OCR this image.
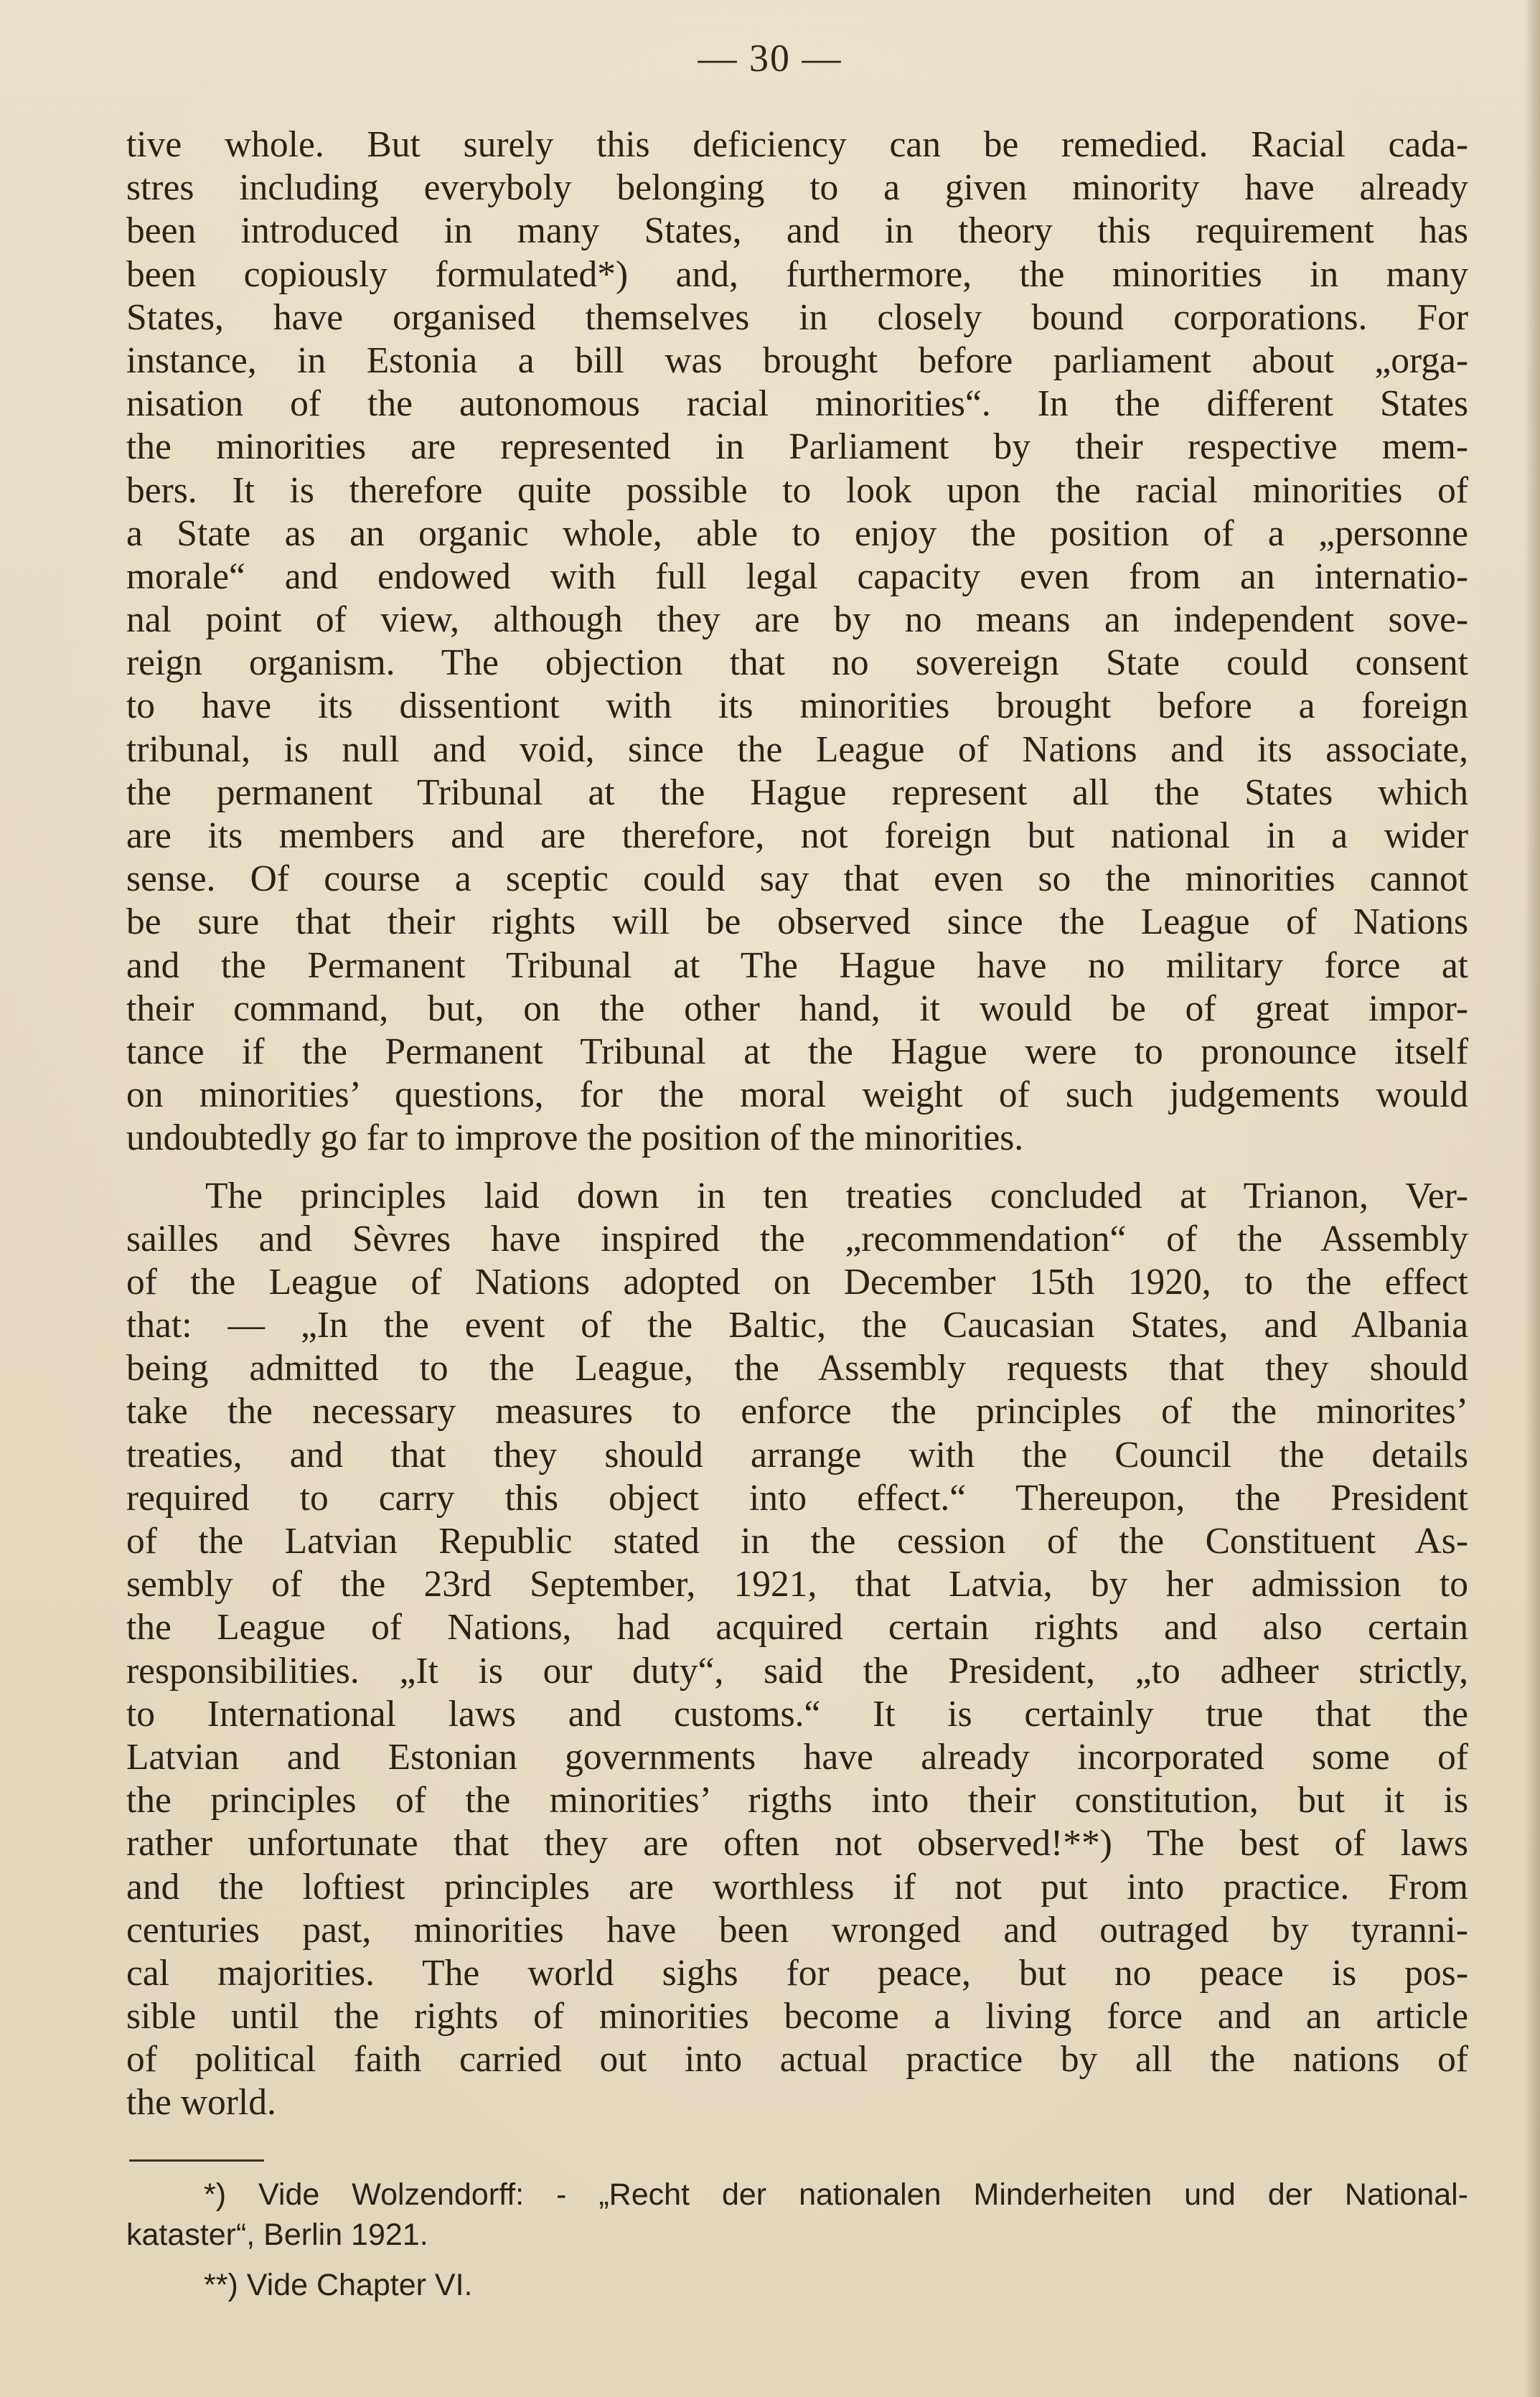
— 30 —
tive whole. But surely this deficiency can be remedied. Racial cada-
stres including everyboly belonging to a given minority have already
been introduced in many States, and in theory this requirement has
been copiously formulated*) and, furthermore, the minorities in many
States, have organised themselves in closely bound corporations. For
instance, in Estonia a bill was brought before parliament about „orga-
nisation of the autonomous racial minorities“. In the different States
the minorities are represented in Parliament by their respective mem-
bers. It is therefore quite possible to look upon the racial minorities of
a State as an organic whole, able to enjoy the position of a „personne
morale“ and endowed with full legal capacity even from an internatio-
nal point of view, although they are by no means an independent sove-
reign organism. The objection that no sovereign State could consent
to have its dissentiont with its minorities brought before a foreign
tribunal, is null and void, since the League of Nations and its associate,
the permanent Tribunal at the Hague represent all the States which
are its members and are therefore, not foreign but national in a wider
sense. Of course a sceptic could say that even so the minorities cannot
be sure that their rights will be observed since the League of Nations
and the Permanent Tribunal at The Hague have no military force at
their command, but, on the other hand, it would be of great impor-
tance if the Permanent Tribunal at the Hague were to pronounce itself
on minorities’ questions, for the moral weight of such judgements would
undoubtedly go far to improve the position of the minorities.
The principles laid down in ten treaties concluded at Trianon, Ver-
sailles and Sèvres have inspired the „recommendation“ of the Assembly
of the League of Nations adopted on December 15th 1920, to the effect
that: — „In the event of the Baltic, the Caucasian States, and Albania
being admitted to the League, the Assembly requests that they should
take the necessary measures to enforce the principles of the minorites’
treaties, and that they should arrange with the Council the details
required to carry this object into effect.“ Thereupon, the President
of the Latvian Republic stated in the cession of the Constituent As-
sembly of the 23rd September, 1921, that Latvia, by her admission to
the League of Nations, had acquired certain rights and also certain
responsibilities. „It is our duty“, said the President, „to adheer strictly,
to International laws and customs.“ It is certainly true that the
Latvian and Estonian governments have already incorporated some of
the principles of the minorities’ rigths into their constitution, but it is
rather unfortunate that they are often not observed!**) The best of laws
and the loftiest principles are worthless if not put into practice. From
centuries past, minorities have been wronged and outraged by tyranni-
cal majorities. The world sighs for peace, but no peace is pos-
sible until the rights of minorities become a living force and an article
of political faith carried out into actual practice by all the nations of
the world.
*) Vide Wolzendorff: - „Recht der nationalen Minderheiten und der National-
kataster“, Berlin 1921.
**) Vide Chapter VI.
